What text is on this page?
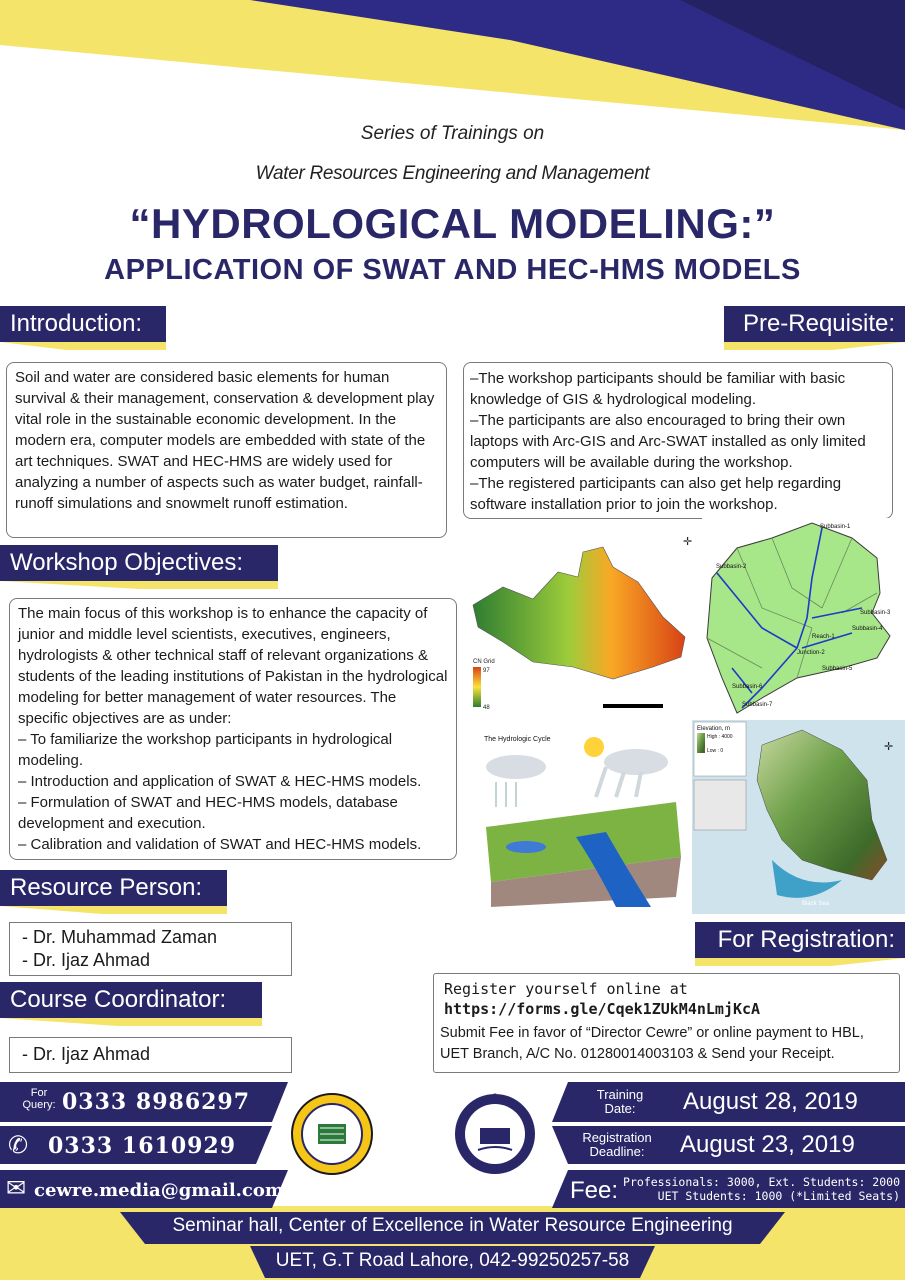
Series of Trainings on
Water Resources Engineering and Management
“HYDROLOGICAL MODELING:”
APPLICATION OF SWAT AND HEC-HMS MODELS
Introduction:

Soil and water are considered basic elements for human survival & their management, conservation & development play vital role in the sustainable economic development. In the modern era, computer models are embedded with state of the art techniques. SWAT and HEC-HMS are widely used for analyzing a number of aspects such as water budget, rainfall-runoff simulations and snowmelt runoff estimation.

Pre-Requisite:

–The workshop participants should be familiar with basic knowledge of GIS & hydrological modeling.

–The participants are also encouraged to bring their own laptops with Arc-GIS and Arc-SWAT installed as only limited computers will be available during the workshop.

–The registered participants can also get help regarding software installation prior to join the workshop.

Workshop Objectives:

The main focus of this workshop is to enhance the capacity of junior and middle level scientists, executives, engineers, hydrologists & other technical staff of relevant organizations & students of the leading institutions of Pakistan in the hydrological modeling for better management of water resources. The specific objectives are as under:

– To familiarize the workshop participants in hydrological modeling.

– Introduction and application of SWAT & HEC-HMS models.

– Formulation of SWAT and HEC-HMS models, database development and execution.

– Calibration and validation of SWAT and HEC-HMS models.

97
48
CN Grid
✛
Subbasin-1
Subbasin-2
Subbasin-3
Subbasin-4
Reach-1
Junction-2
Subbasin-5
Subbasin-6
Subbasin-7
The Hydrologic Cycle
Elevation, m
High : 4000
Low : 0
Black Sea
✛
Resource Person:

- Dr. Muhammad Zaman

- Dr. Ijaz Ahmad

Course Coordinator:

- Dr. Ijaz Ahmad

For Registration:

Register yourself online at

https://forms.gle/Cqek1ZUkM4nLmjKcA

Submit Fee in favor of “Director Cewre” or online payment to HBL, UET Branch, A/C No. 01280014003103 & Send your Receipt.

For Query: 0333 8986297
✆ 0333 1610929
✉ cewre.media@gmail.com
☪	Training Date:	August 28, 2019
Registration Deadline:	August 23, 2019
Fee: Professionals: 3000, Ext. Students: 2000
UET Students: 1000 (*Limited Seats)
Seminar hall, Center of Excellence in Water Resource Engineering
UET, G.T Road Lahore, 042-99250257-58
